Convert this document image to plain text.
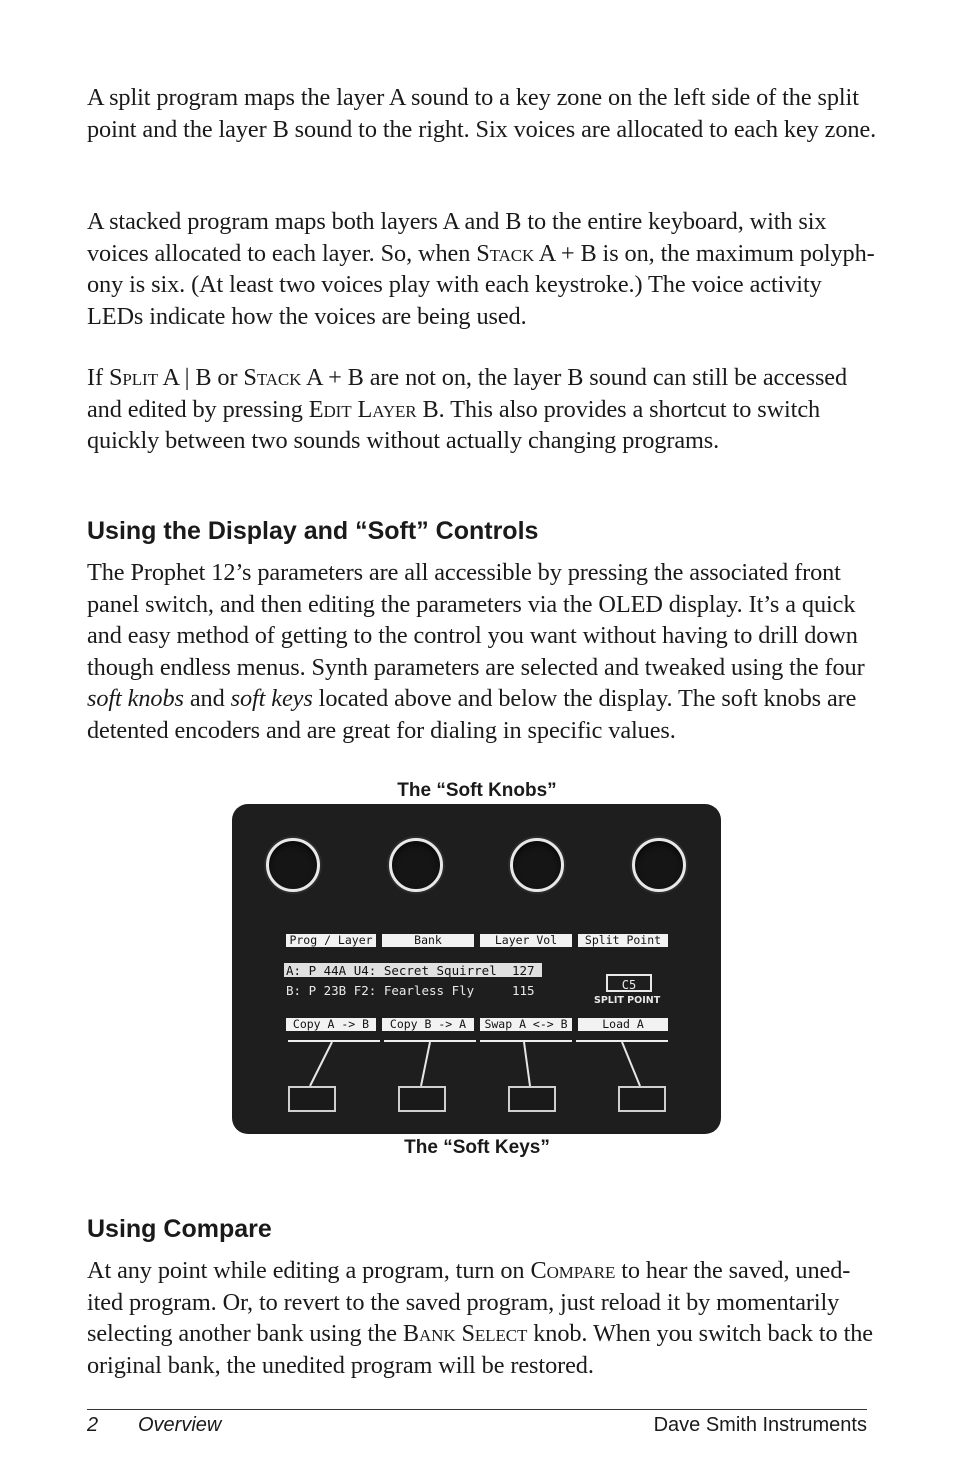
A split program maps the layer A sound to a key zone on the left side of the split point and the layer B sound to the right. Six voices are allocated to each key zone.

A stacked program maps both layers A and B to the entire keyboard, with six voices allocated to each layer. So, when Stack A + B is on, the maximum polyph-ony is six. (At least two voices play with each keystroke.) The voice activity LEDs indicate how the voices are being used.

If Split A | B or Stack A + B are not on, the layer B sound can still be accessed and edited by pressing Edit Layer B. This also provides a shortcut to switch quickly between two sounds without actually changing programs.

Using the Display and “Soft” Controls

The Prophet 12’s parameters are all accessible by pressing the associated front panel switch, and then editing the parameters via the OLED display. It’s a quick and easy method of getting to the control you want without having to drill down though endless menus. Synth parameters are selected and tweaked using the four soft knobs and soft keys located above and below the display. The soft knobs are detented encoders and are great for dialing in specific values.

The “Soft Knobs”
Prog / Layer	Bank	Layer Vol	Split Point
A: P 44A U4: Secret Squirrel 127
B: P 23B F2: Fearless Fly	115	C5
SPLIT POINT
Copy A -> B	Copy B -> A	Swap A <-> B	Load A
The “Soft Keys”
Using Compare

At any point while editing a program, turn on Compare to hear the saved, uned-ited program. Or, to revert to the saved program, just reload it by momentarily selecting another bank using the Bank Select knob. When you switch back to the original bank, the unedited program will be restored.

2 Overview	Dave Smith Instruments
